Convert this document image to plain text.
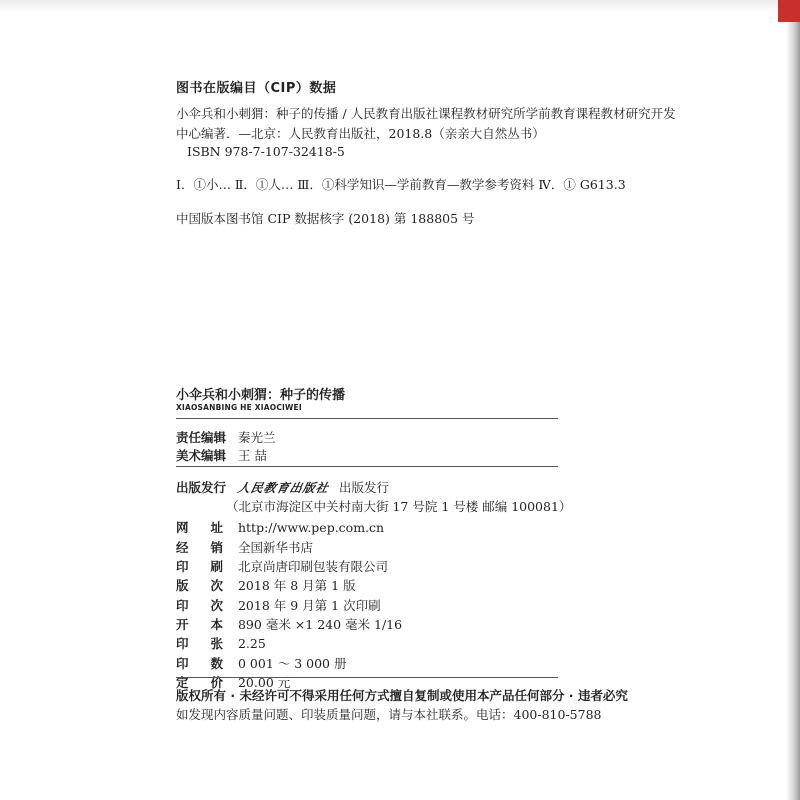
图书在版编目（CIP）数据
小伞兵和小刺猬：种子的传播 / 人民教育出版社课程教材研究所学前教育课程教材研究开发
中心编著．—北京：人民教育出版社，2018.8（亲亲大自然丛书）
ISBN 978-7-107-32418-5
Ⅰ．①小… Ⅱ．①人… Ⅲ．①科学知识—学前教育—教学参考资料 Ⅳ．① G613.3
中国版本图书馆 CIP 数据核字 (2018) 第 188805 号
小伞兵和小刺猬：种子的传播
XIAOSANBING HE XIAOCIWEI
责任编辑 秦光兰
美术编辑 王 喆
出版发行 人民教育出版社 出版发行
（北京市海淀区中关村南大街 17 号院 1 号楼 邮编 100081）
网址 http://www.pep.com.cn
经销 全国新华书店
印刷 北京尚唐印刷包装有限公司
版次 2018 年 8 月第 1 版
印次 2018 年 9 月第 1 次印刷
开本 890 毫米 ×1 240 毫米 1/16
印张 2.25
印数 0 001 ～ 3 000 册
定价 20.00 元
版权所有 · 未经许可不得采用任何方式擅自复制或使用本产品任何部分 · 违者必究
如发现内容质量问题、印装质量问题，请与本社联系。电话：400-810-5788
